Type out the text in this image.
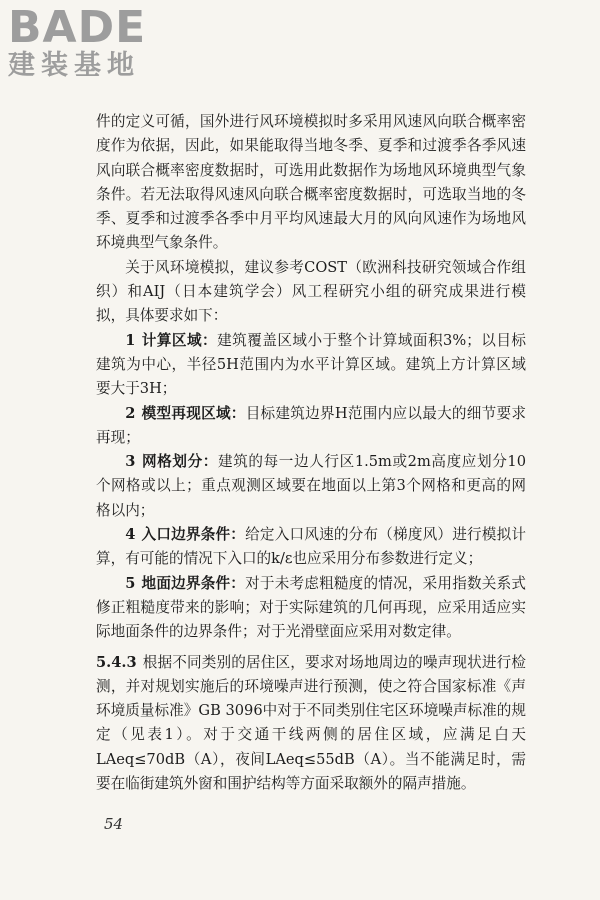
BADE
建装基地

件的定义可循，国外进行风环境模拟时多采用风速风向联合概率密度作为依据，因此，如果能取得当地冬季、夏季和过渡季各季风速风向联合概率密度数据时，可选用此数据作为场地风环境典型气象条件。若无法取得风速风向联合概率密度数据时，可选取当地的冬季、夏季和过渡季各季中月平均风速最大月的风向风速作为场地风环境典型气象条件。

关于风环境模拟，建议参考COST（欧洲科技研究领域合作组织）和AIJ（日本建筑学会）风工程研究小组的研究成果进行模拟，具体要求如下：

1 计算区域：建筑覆盖区域小于整个计算域面积3%；以目标建筑为中心，半径5H范围内为水平计算区域。建筑上方计算区域要大于3H；

2 模型再现区域：目标建筑边界H范围内应以最大的细节要求再现；

3 网格划分：建筑的每一边人行区1.5m或2m高度应划分10个网格或以上；重点观测区域要在地面以上第3个网格和更高的网格以内；

4 入口边界条件：给定入口风速的分布（梯度风）进行模拟计算，有可能的情况下入口的k/ε也应采用分布参数进行定义；

5 地面边界条件：对于未考虑粗糙度的情况，采用指数关系式修正粗糙度带来的影响；对于实际建筑的几何再现，应采用适应实际地面条件的边界条件；对于光滑壁面应采用对数定律。

5.4.3 根据不同类别的居住区，要求对场地周边的噪声现状进行检测，并对规划实施后的环境噪声进行预测，使之符合国家标准《声环境质量标准》GB 3096中对于不同类别住宅区环境噪声标准的规定（见表1）。对于交通干线两侧的居住区域，应满足白天LAeq≤70dB（A），夜间LAeq≤55dB（A）。当不能满足时，需要在临街建筑外窗和围护结构等方面采取额外的隔声措施。

54
